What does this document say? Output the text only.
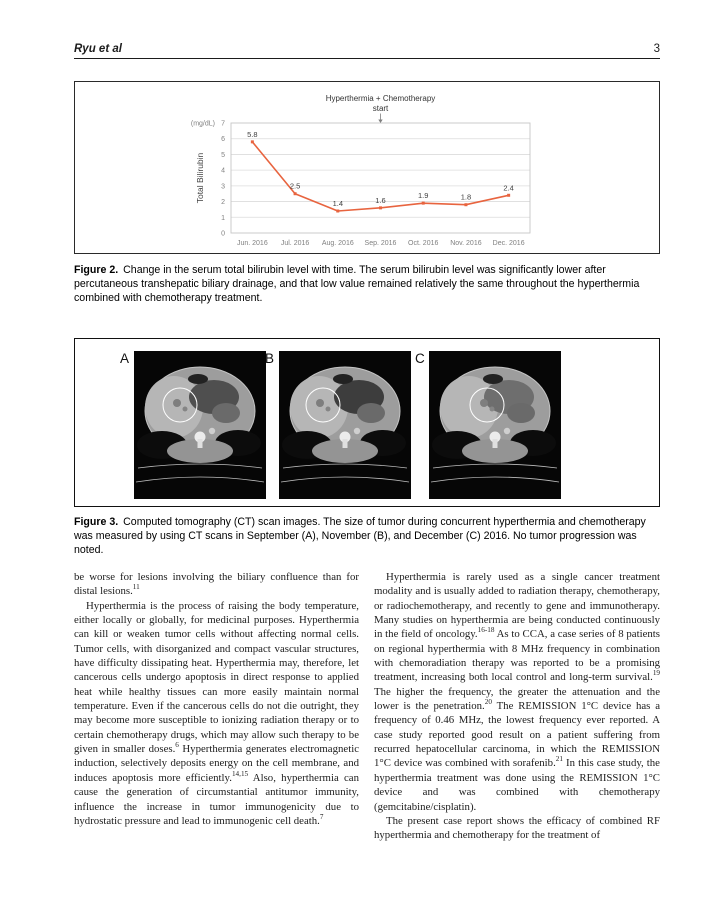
Ryu et al	3
0
1
2
3
4
5
6
7
(mg/dL)
Total Bilirubin
Jun. 2016 Jul. 2016 Aug. 2016 Sep. 2016 Oct. 2016 Nov. 2016 Dec. 2016
Hyperthermia + Chemotherapy
start
5.8
2.5
1.4	1.6
1.9	1.8
2.4

Figure 2. Change in the serum total bilirubin level with time. The serum bilirubin level was significantly lower after percutaneous transhepatic biliary drainage, and that low value remained relatively the same throughout the hyperthermia combined with chemotherapy treatment.

A	B	C

Figure 3. Computed tomography (CT) scan images. The size of tumor during concurrent hyperthermia and chemotherapy was measured by using CT scans in September (A), November (B), and December (C) 2016. No tumor progression was noted.

be worse for lesions involving the biliary confluence than for distal lesions.$^{11}$

Hyperthermia is the process of raising the body temperature, either locally or globally, for medicinal purposes. Hyperthermia can kill or weaken tumor cells without affecting normal cells. Tumor cells, with disorganized and compact vascular structures, have difficulty dissipating heat. Hyperthermia may, therefore, let cancerous cells undergo apoptosis in direct response to applied heat while healthy tissues can more easily maintain normal temperature. Even if the cancerous cells do not die outright, they may become more susceptible to ionizing radiation therapy or to certain chemotherapy drugs, which may allow such therapy to be given in smaller doses.$^6$ Hyperthermia generates electromagnetic induction, selectively deposits energy on the cell membrane, and induces apoptosis more efficiently.$^{14,15}$ Also, hyperthermia can cause the generation of circumstantial antitumor immunity, influence the increase in tumor immunogenicity due to hydrostatic pressure and lead to immunogenic cell death.$^7$

Hyperthermia is rarely used as a single cancer treatment modality and is usually added to radiation therapy, chemotherapy, or radiochemotherapy, and recently to gene and immunotherapy. Many studies on hyperthermia are being conducted continuously in the field of oncology.$^{16-18}$ As to CCA, a case series of 8 patients on regional hyperthermia with 8 MHz frequency in combination with chemoradiation therapy was reported to be a promising treatment, increasing both local control and long-term survival.$^{19}$ The higher the frequency, the greater the attenuation and the lower is the penetration.$^{20}$ The REMISSION 1°C device has a frequency of 0.46 MHz, the lowest frequency ever reported. A case study reported good result on a patient suffering from recurred hepatocellular carcinoma, in which the REMISSION 1°C device was combined with sorafenib.$^{21}$ In this case study, the hyperthermia treatment was done using the REMISSION 1°C device and was combined with chemotherapy (gemcitabine/cisplatin).

The present case report shows the efficacy of combined RF hyperthermia and chemotherapy for the treatment of
